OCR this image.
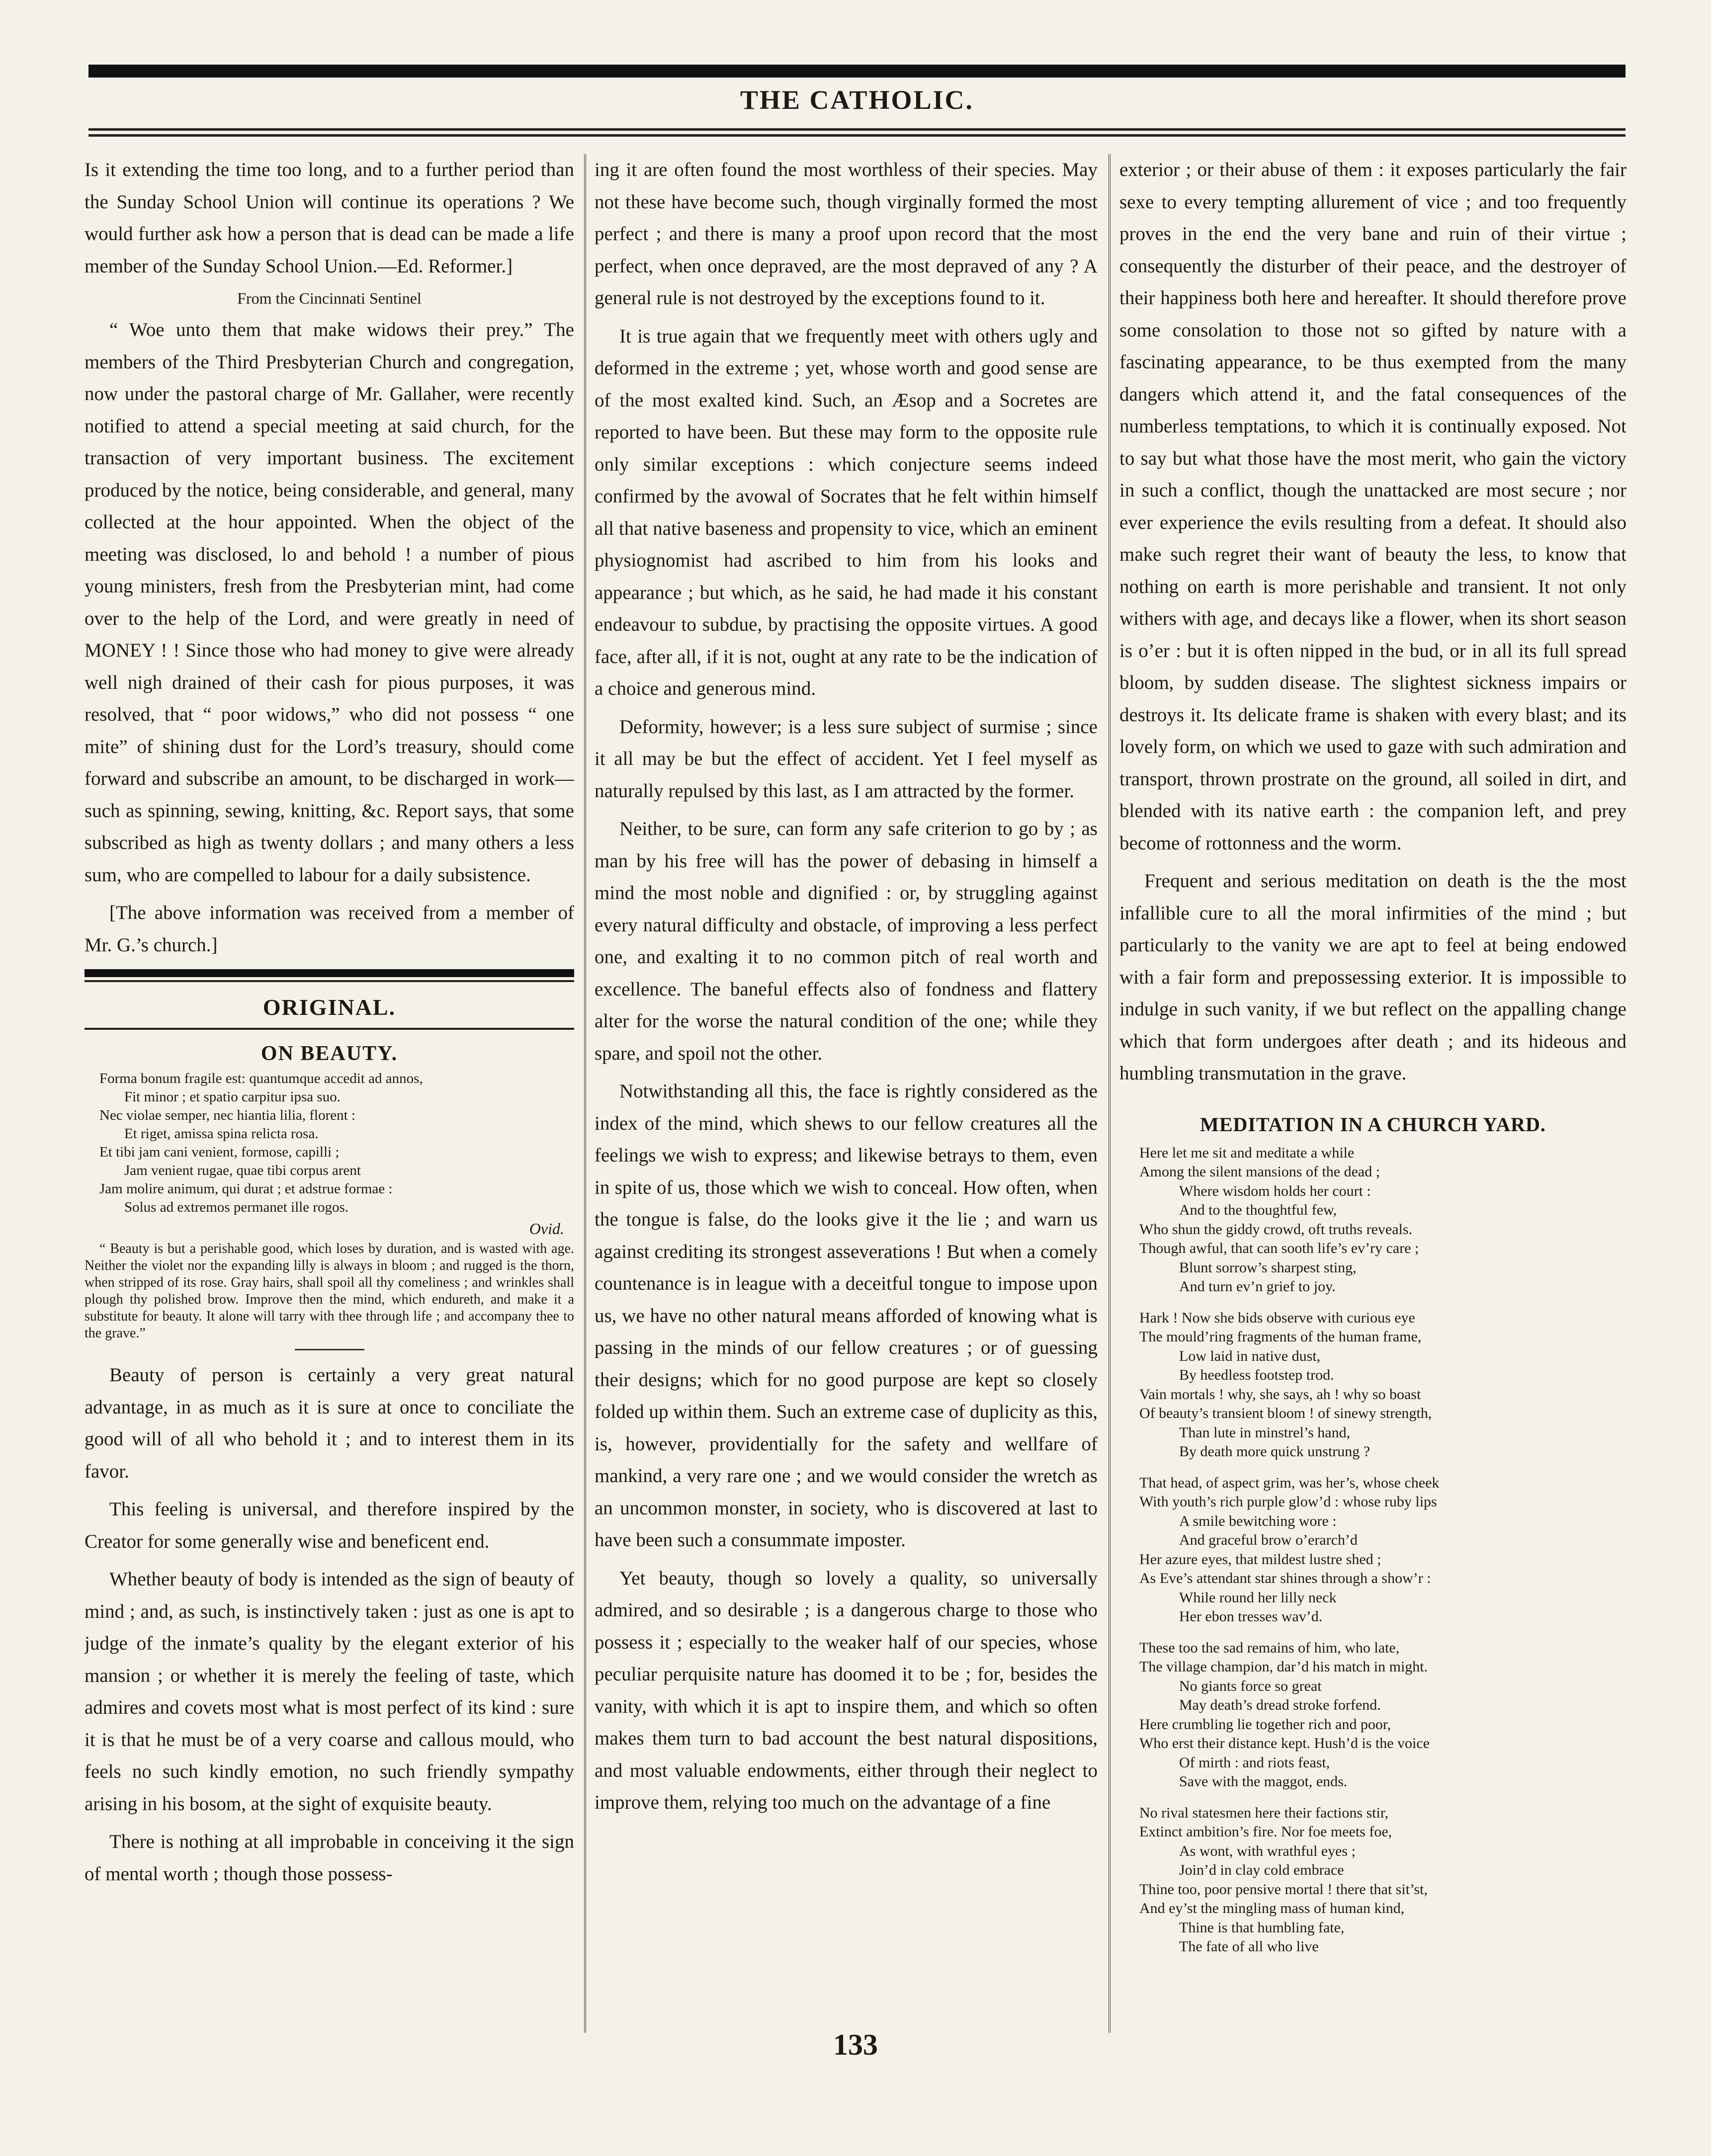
THE CATHOLIC.

Is it extending the time too long, and to a further period than the Sunday School Union will continue its operations ? We would further ask how a person that is dead can be made a life member of the Sunday School Union.—Ed. Reformer.]

From the Cincinnati Sentinel

“ Woe unto them that make widows their prey.” The members of the Third Presbyterian Church and congregation, now under the pastoral charge of Mr. Gallaher, were recently notified to attend a special meeting at said church, for the transaction of very important business. The excitement produced by the notice, being considerable, and general, many collected at the hour appointed. When the object of the meeting was disclosed, lo and behold ! a number of pious young ministers, fresh from the Presbyterian mint, had come over to the help of the Lord, and were greatly in need of MONEY ! ! Since those who had money to give were already well nigh drained of their cash for pious purposes, it was resolved, that “ poor widows,” who did not possess “ one mite” of shining dust for the Lord’s treasury, should come forward and subscribe an amount, to be discharged in work—such as spinning, sewing, knitting, &c. Report says, that some subscribed as high as twenty dollars ; and many others a less sum, who are compelled to labour for a daily subsistence.

[The above information was received from a member of Mr. G.’s church.]

ORIGINAL.
ON BEAUTY.
Forma bonum fragile est: quantumque accedit ad annos,
Fit minor ; et spatio carpitur ipsa suo.
Nec violae semper, nec hiantia lilia, florent :
Et riget, amissa spina relicta rosa.
Et tibi jam cani venient, formose, capilli ;
Jam venient rugae, quae tibi corpus arent
Jam molire animum, qui durat ; et adstrue formae :
Solus ad extremos permanet ille rogos.
Ovid.
“ Beauty is but a perishable good, which loses by duration, and is wasted with age. Neither the violet nor the expanding lilly is always in bloom ; and rugged is the thorn, when stripped of its rose. Gray hairs, shall spoil all thy comeliness ; and wrinkles shall plough thy polished brow. Improve then the mind, which endureth, and make it a substitute for beauty. It alone will tarry with thee through life ; and accompany thee to the grave.”

Beauty of person is certainly a very great natural advantage, in as much as it is sure at once to conciliate the good will of all who behold it ; and to interest them in its favor.

This feeling is universal, and therefore inspired by the Creator for some generally wise and beneficent end.

Whether beauty of body is intended as the sign of beauty of mind ; and, as such, is instinctively taken : just as one is apt to judge of the inmate’s quality by the elegant exterior of his mansion ; or whether it is merely the feeling of taste, which admires and covets most what is most perfect of its kind : sure it is that he must be of a very coarse and callous mould, who feels no such kindly emotion, no such friendly sympathy arising in his bosom, at the sight of exquisite beauty.

There is nothing at all improbable in conceiving it the sign of mental worth ; though those possess-

ing it are often found the most worthless of their species. May not these have become such, though virginally formed the most perfect ; and there is many a proof upon record that the most perfect, when once depraved, are the most depraved of any ? A general rule is not destroyed by the exceptions found to it.

It is true again that we frequently meet with others ugly and deformed in the extreme ; yet, whose worth and good sense are of the most exalted kind. Such, an Æsop and a Socretes are reported to have been. But these may form to the opposite rule only similar exceptions : which conjecture seems indeed confirmed by the avowal of Socrates that he felt within himself all that native baseness and propensity to vice, which an eminent physiognomist had ascribed to him from his looks and appearance ; but which, as he said, he had made it his constant endeavour to subdue, by practising the opposite virtues. A good face, after all, if it is not, ought at any rate to be the indication of a choice and generous mind.

Deformity, however; is a less sure subject of surmise ; since it all may be but the effect of accident. Yet I feel myself as naturally repulsed by this last, as I am attracted by the former.

Neither, to be sure, can form any safe criterion to go by ; as man by his free will has the power of debasing in himself a mind the most noble and dignified : or, by struggling against every natural difficulty and obstacle, of improving a less perfect one, and exalting it to no common pitch of real worth and excellence. The baneful effects also of fondness and flattery alter for the worse the natural condition of the one; while they spare, and spoil not the other.

Notwithstanding all this, the face is rightly considered as the index of the mind, which shews to our fellow creatures all the feelings we wish to express; and likewise betrays to them, even in spite of us, those which we wish to conceal. How often, when the tongue is false, do the looks give it the lie ; and warn us against crediting its strongest asseverations ! But when a comely countenance is in league with a deceitful tongue to impose upon us, we have no other natural means afforded of knowing what is passing in the minds of our fellow creatures ; or of guessing their designs; which for no good purpose are kept so closely folded up within them. Such an extreme case of duplicity as this, is, however, providentially for the safety and wellfare of mankind, a very rare one ; and we would consider the wretch as an uncommon monster, in society, who is discovered at last to have been such a consummate imposter.

Yet beauty, though so lovely a quality, so universally admired, and so desirable ; is a dangerous charge to those who possess it ; especially to the weaker half of our species, whose peculiar perquisite nature has doomed it to be ; for, besides the vanity, with which it is apt to inspire them, and which so often makes them turn to bad account the best natural dispositions, and most valuable endowments, either through their neglect to improve them, relying too much on the advantage of a fine

exterior ; or their abuse of them : it exposes particularly the fair sexe to every tempting allurement of vice ; and too frequently proves in the end the very bane and ruin of their virtue ; consequently the disturber of their peace, and the destroyer of their happiness both here and hereafter. It should therefore prove some consolation to those not so gifted by nature with a fascinating appearance, to be thus exempted from the many dangers which attend it, and the fatal consequences of the numberless temptations, to which it is continually exposed. Not to say but what those have the most merit, who gain the victory in such a conflict, though the unattacked are most secure ; nor ever experience the evils resulting from a defeat. It should also make such regret their want of beauty the less, to know that nothing on earth is more perishable and transient. It not only withers with age, and decays like a flower, when its short season is o’er : but it is often nipped in the bud, or in all its full spread bloom, by sudden disease. The slightest sickness impairs or destroys it. Its delicate frame is shaken with every blast; and its lovely form, on which we used to gaze with such admiration and transport, thrown prostrate on the ground, all soiled in dirt, and blended with its native earth : the companion left, and prey become of rottonness and the worm.

Frequent and serious meditation on death is the the most infallible cure to all the moral infirmities of the mind ; but particularly to the vanity we are apt to feel at being endowed with a fair form and prepossessing exterior. It is impossible to indulge in such vanity, if we but reflect on the appalling change which that form undergoes after death ; and its hideous and humbling transmutation in the grave.

MEDITATION IN A CHURCH YARD.
Here let me sit and meditate a while
Among the silent mansions of the dead ;
Where wisdom holds her court :
And to the thoughtful few,
Who shun the giddy crowd, oft truths reveals.
Though awful, that can sooth life’s ev’ry care ;
Blunt sorrow’s sharpest sting,
And turn ev’n grief to joy.
Hark ! Now she bids observe with curious eye
The mould’ring fragments of the human frame,
Low laid in native dust,
By heedless footstep trod.
Vain mortals ! why, she says, ah ! why so boast
Of beauty’s transient bloom ! of sinewy strength,
Than lute in minstrel’s hand,
By death more quick unstrung ?
That head, of aspect grim, was her’s, whose cheek
With youth’s rich purple glow’d : whose ruby lips
A smile bewitching wore :
And graceful brow o’erarch’d
Her azure eyes, that mildest lustre shed ;
As Eve’s attendant star shines through a show’r :
While round her lilly neck
Her ebon tresses wav’d.
These too the sad remains of him, who late,
The village champion, dar’d his match in might.
No giants force so great
May death’s dread stroke forfend.
Here crumbling lie together rich and poor,
Who erst their distance kept. Hush’d is the voice
Of mirth : and riots feast,
Save with the maggot, ends.
No rival statesmen here their factions stir,
Extinct ambition’s fire. Nor foe meets foe,
As wont, with wrathful eyes ;
Join’d in clay cold embrace
Thine too, poor pensive mortal ! there that sit’st,
And ey’st the mingling mass of human kind,
Thine is that humbling fate,
The fate of all who live
133
